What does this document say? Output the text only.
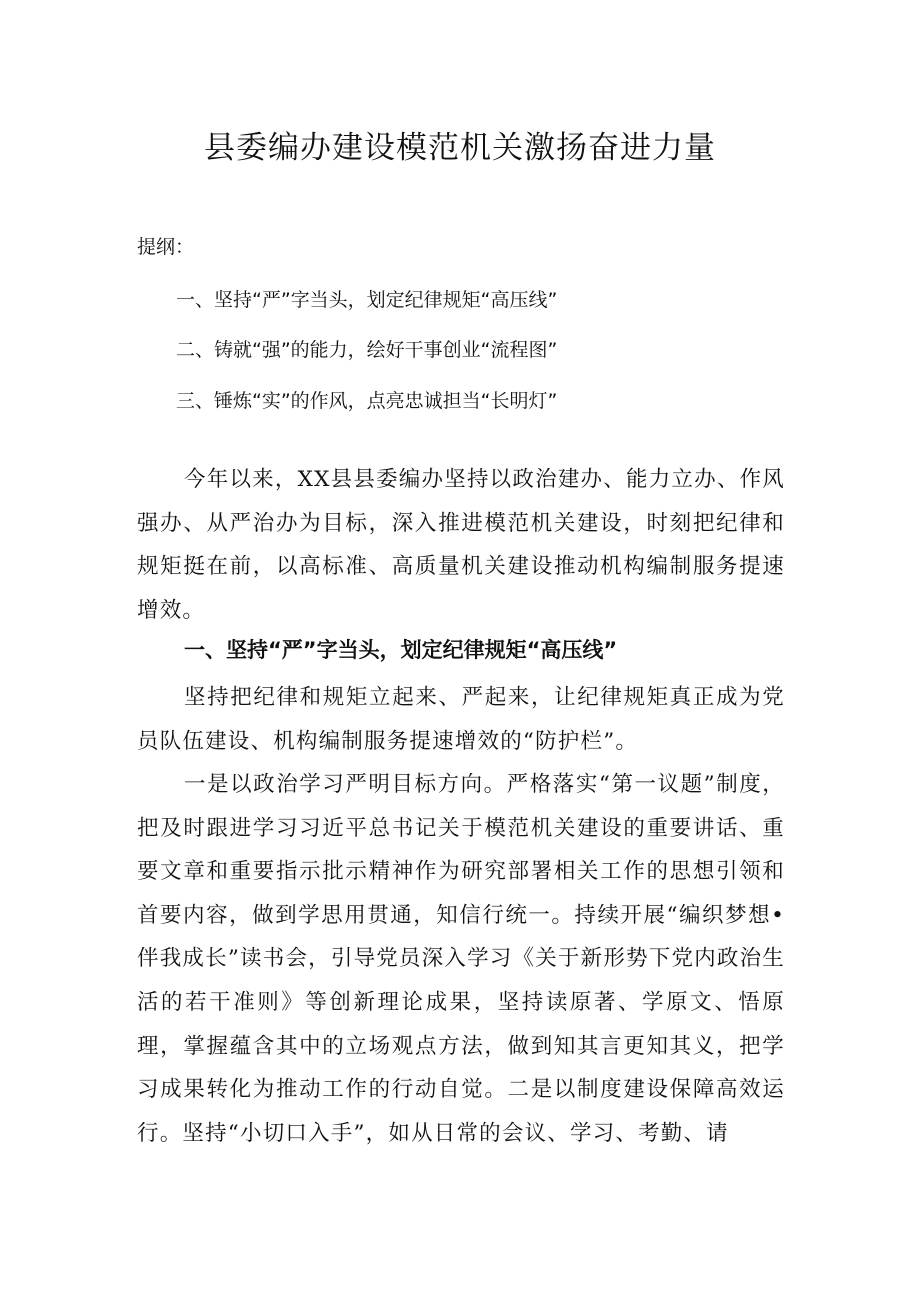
县委编办建设模范机关激扬奋进力量
提纲：
一、坚持“严”字当头，划定纪律规矩“高压线”
二、铸就“强”的能力，绘好干事创业“流程图”
三、锤炼“实”的作风，点亮忠诚担当“长明灯”

今年以来，XX县县委编办坚持以政治建办、能力立办、作风强办、从严治办为目标，深入推进模范机关建设，时刻把纪律和规矩挺在前，以高标准、高质量机关建设推动机构编制服务提速增效。

一、坚持“严”字当头，划定纪律规矩“高压线”

坚持把纪律和规矩立起来、严起来，让纪律规矩真正成为党员队伍建设、机构编制服务提速增效的“防护栏”。

一是以政治学习严明目标方向。严格落实“第一议题”制度，把及时跟进学习习近平总书记关于模范机关建设的重要讲话、重要文章和重要指示批示精神作为研究部署相关工作的思想引领和首要内容，做到学思用贯通，知信行统一。持续开展“编织梦想•伴我成长”读书会，引导党员深入学习《关于新形势下党内政治生活的若干准则》等创新理论成果，坚持读原著、学原文、悟原理，掌握蕴含其中的立场观点方法，做到知其言更知其义，把学习成果转化为推动工作的行动自觉。二是以制度建设保障高效运行。坚持“小切口入手”，如从日常的会议、学习、考勤、请
